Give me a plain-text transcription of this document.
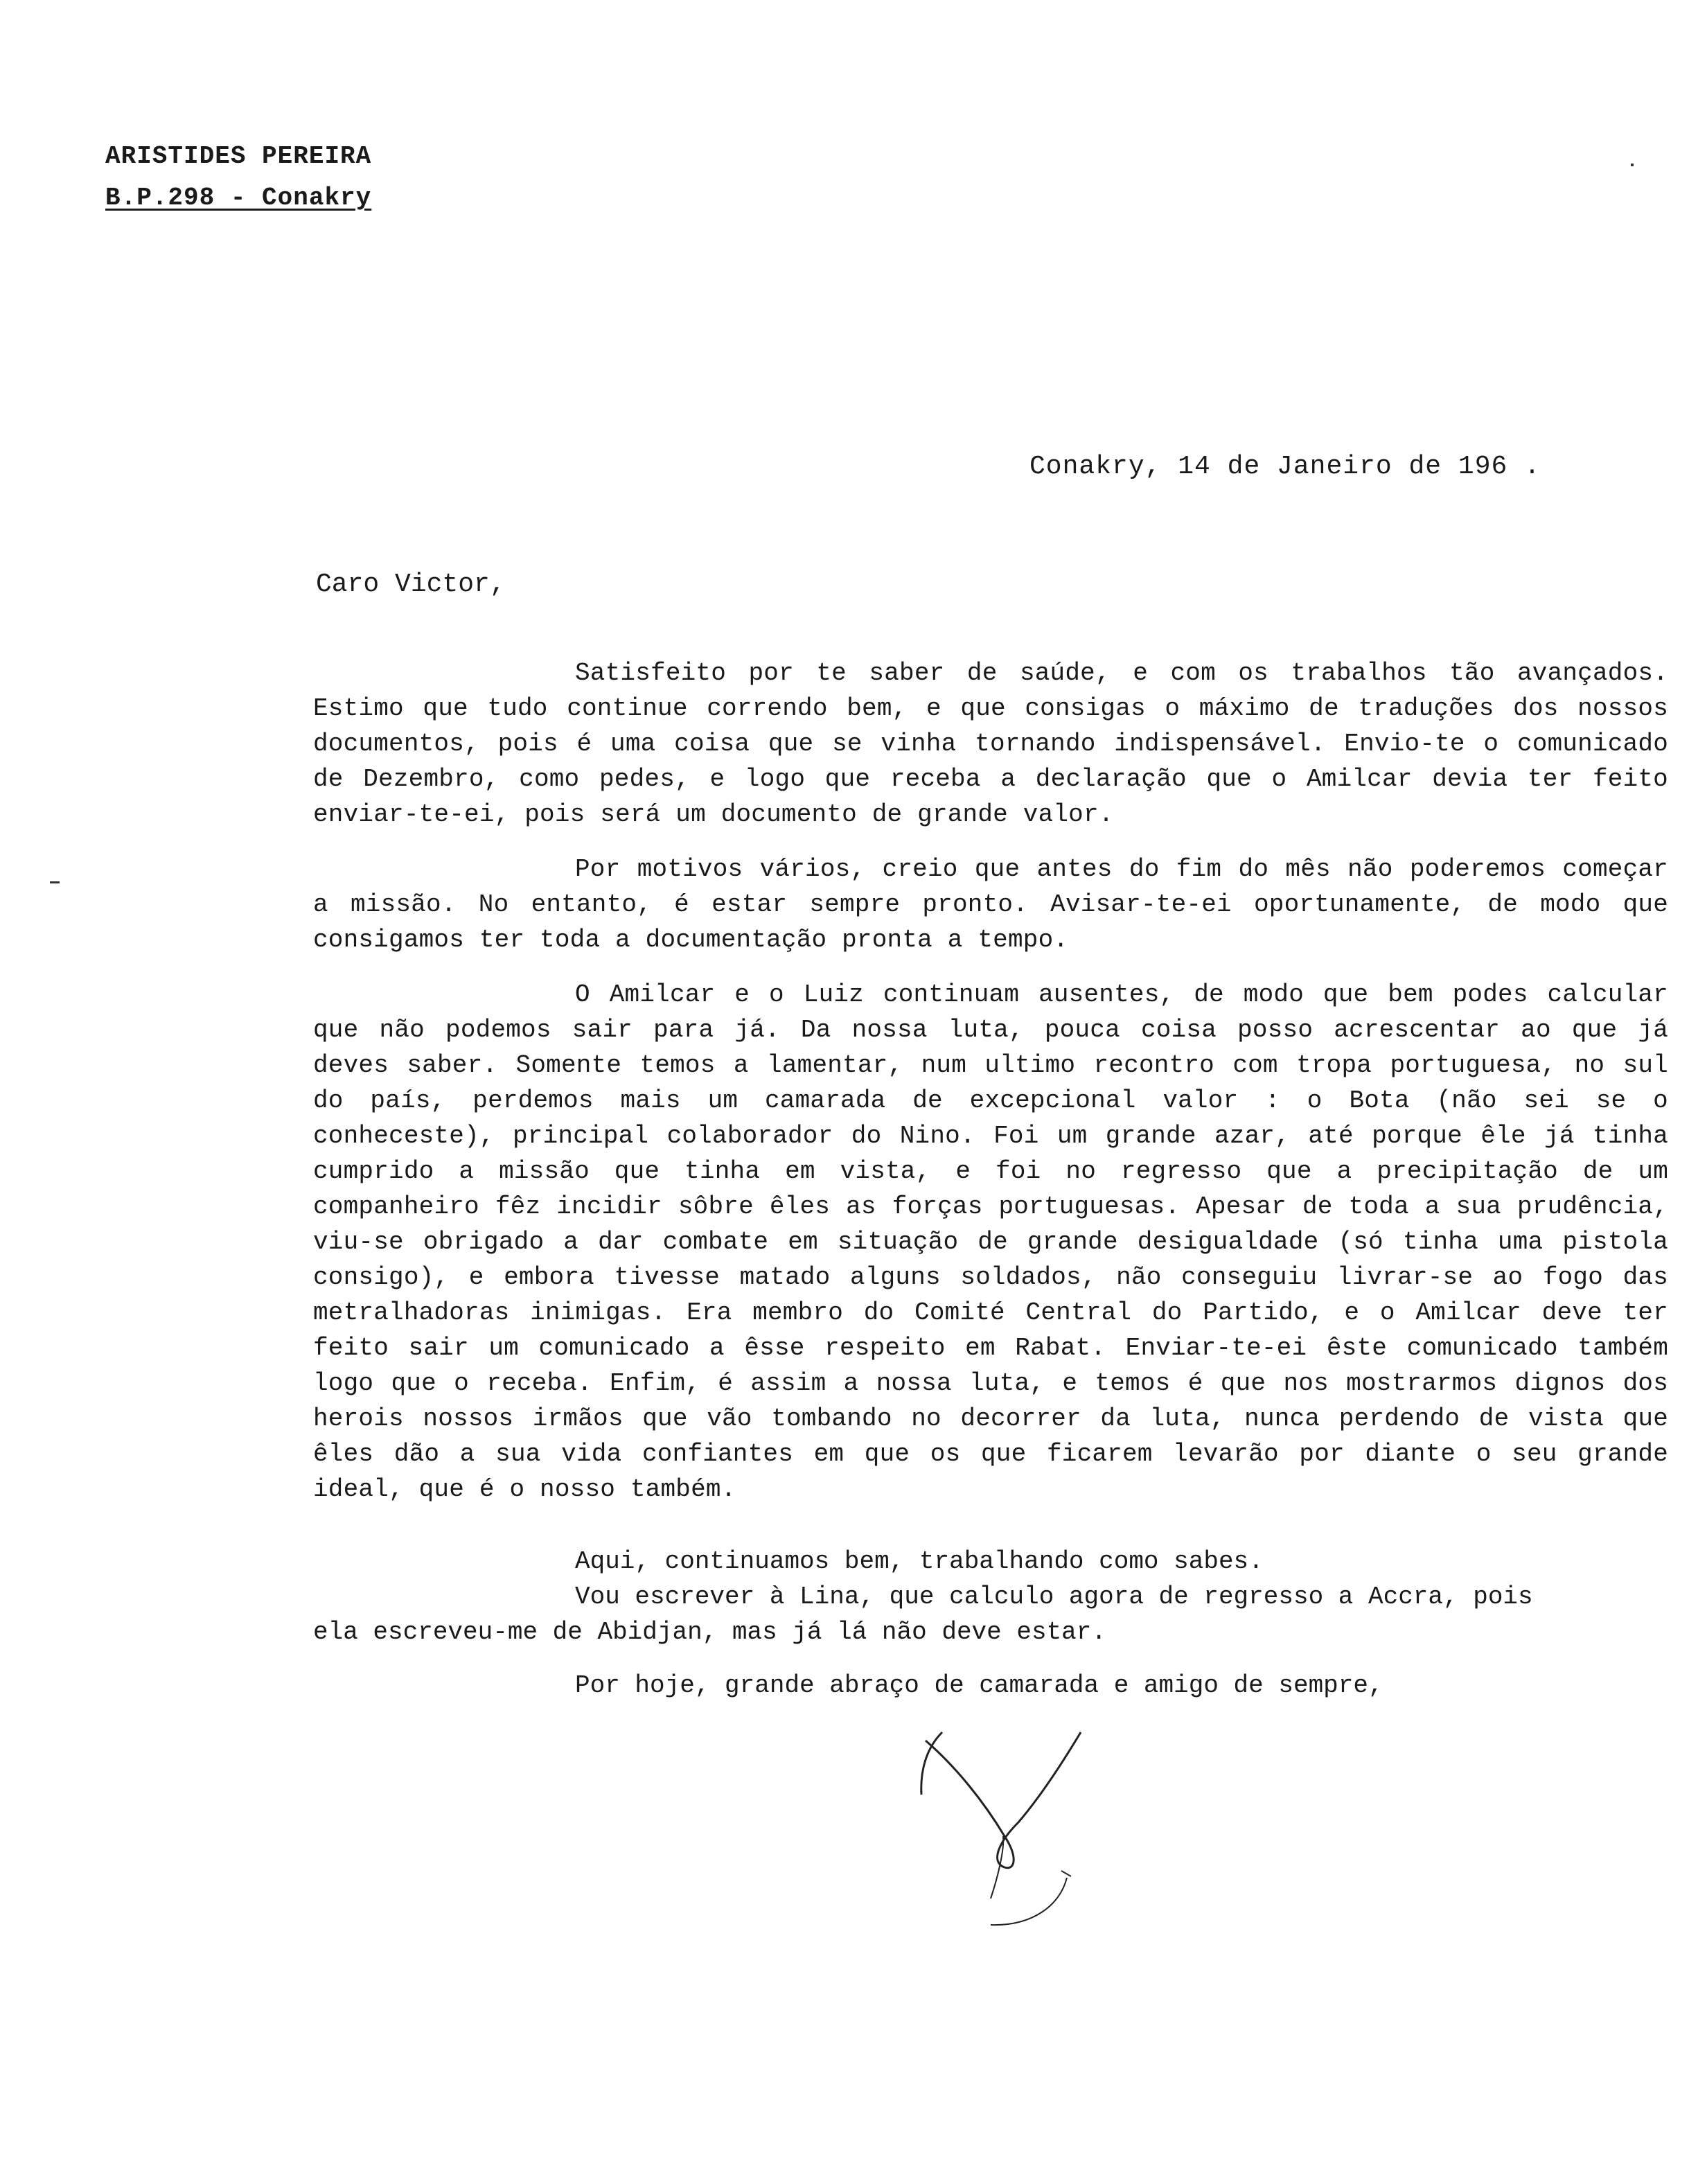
ARISTIDES PEREIRA
B.P.298 - Conakry
Conakry, 14 de Janeiro de 196 .
Caro Victor,

Satisfeito por te saber de saúde, e com os trabalhos tão avançados. Estimo que tudo continue correndo bem, e que consigas o máximo de traduções dos nossos documentos, pois é uma coisa que se vinha tornando indispensável. Envio-te o comunicado de Dezembro, como pedes, e logo que receba a declaração que o Amilcar devia ter feito enviar-te-ei, pois será um documento de grande valor.

Por motivos vários, creio que antes do fim do mês não poderemos começar a missão. No entanto, é estar sempre pronto. Avisar-te-ei oportunamente, de modo que consigamos ter toda a documentação pronta a tempo.

O Amilcar e o Luiz continuam ausentes, de modo que bem podes calcular que não podemos sair para já. Da nossa luta, pouca coisa posso acrescentar ao que já deves saber. Somente temos a lamentar, num ultimo recontro com tropa portuguesa, no sul do país, perdemos mais um camarada de excepcional valor : o Bota (não sei se o conheceste), principal colaborador do Nino. Foi um grande azar, até porque êle já tinha cumprido a missão que tinha em vista, e foi no regresso que a precipitação de um companheiro fêz incidir sôbre êles as forças portuguesas. Apesar de toda a sua prudência, viu-se obrigado a dar combate em situação de grande desigualdade (só tinha uma pistola consigo), e embora tivesse matado alguns soldados, não conseguiu livrar-se ao fogo das metralhadoras inimigas. Era membro do Comité Central do Partido, e o Amilcar deve ter feito sair um comunicado a êsse respeito em Rabat. Enviar-te-ei êste comunicado também logo que o receba. Enfim, é assim a nossa luta, e temos é que nos mostrarmos dignos dos herois nossos irmãos que vão tombando no decorrer da luta, nunca perdendo de vista que êles dão a sua vida confiantes em que os que ficarem levarão por diante o seu grande ideal, que é o nosso também.

Aqui, continuamos bem, trabalhando como sabes.

Vou escrever à Lina, que calculo agora de regresso a Accra, pois

ela escreveu-me de Abidjan, mas já lá não deve estar.

Por hoje, grande abraço de camarada e amigo de sempre,
